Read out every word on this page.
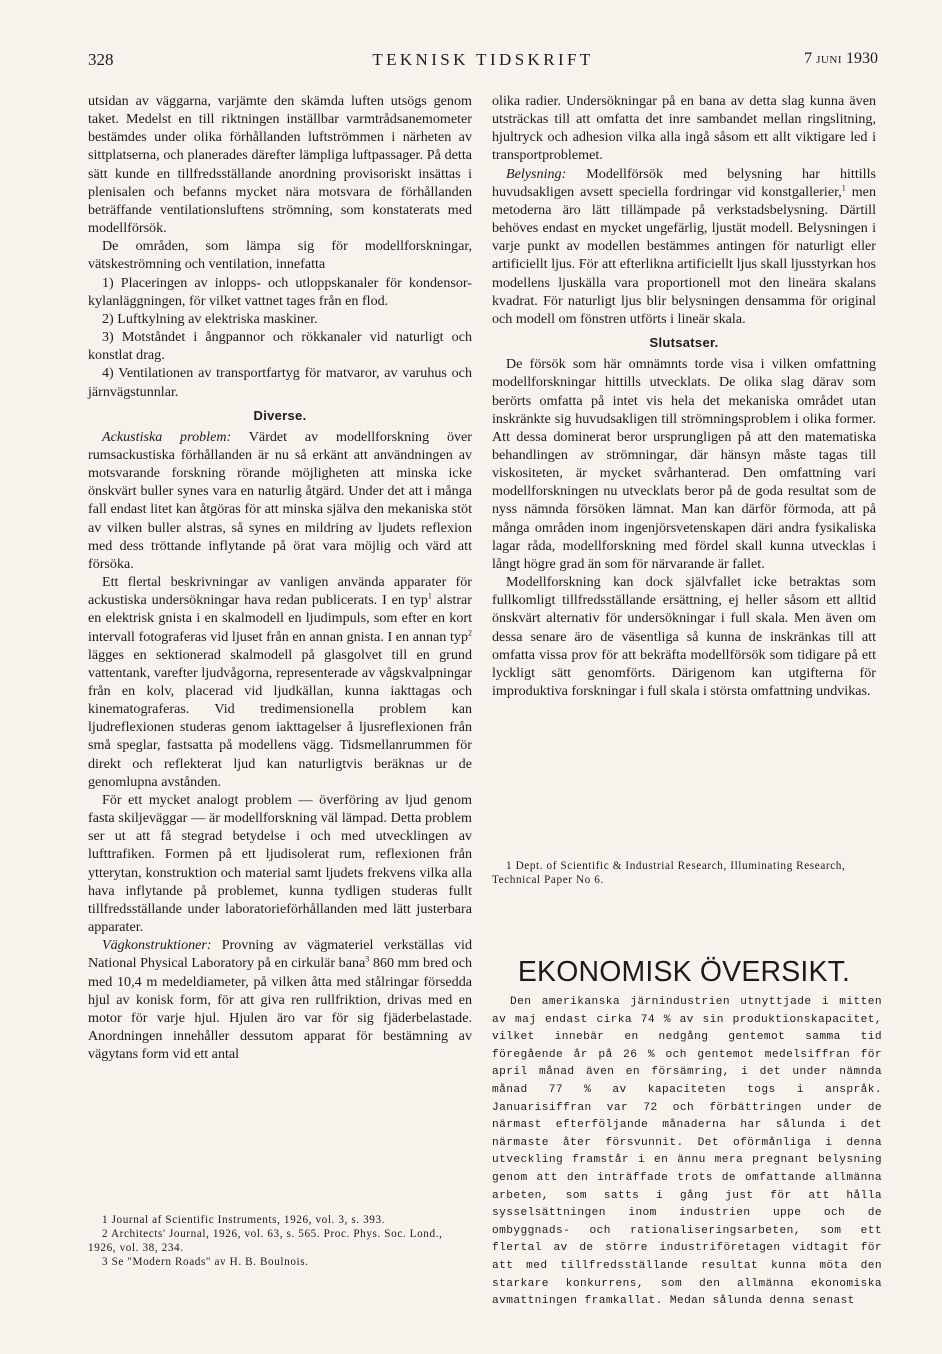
328	TEKNISK TIDSKRIFT	7 JUNI 1930

utsidan av väggarna, varjämte den skämda luften utsögs genom taket. Medelst en till riktningen inställbar varmtrådsanemometer bestämdes under olika förhållanden luftströmmen i närheten av sittplatserna, och planerades därefter lämpliga luftpassager. På detta sätt kunde en tillfredsställande anordning provisoriskt insättas i plenisalen och befanns mycket nära motsvara de förhållanden beträffande ventilationsluftens strömning, som konstaterats med modellförsök.

De områden, som lämpa sig för modellforskningar, vätskeströmning och ventilation, innefatta

1) Placeringen av inlopps- och utloppskanaler för kondensor-kylanläggningen, för vilket vattnet tages från en flod.

2) Luftkylning av elektriska maskiner.

3) Motståndet i ångpannor och rökkanaler vid naturligt och konstlat drag.

4) Ventilationen av transportfartyg för matvaror, av varuhus och järnvägstunnlar.

Diverse.

Ackustiska problem: Värdet av modellforskning över rumsackustiska förhållanden är nu så erkänt att användningen av motsvarande forskning rörande möjligheten att minska icke önskvärt buller synes vara en naturlig åtgärd. Under det att i många fall endast litet kan åtgöras för att minska själva den mekaniska stöt av vilken buller alstras, så synes en mildring av ljudets reflexion med dess tröttande inflytande på örat vara möjlig och värd att försöka.

Ett flertal beskrivningar av vanligen använda apparater för ackustiska undersökningar hava redan publicerats. I en typ$^1$ alstrar en elektrisk gnista i en skalmodell en ljudimpuls, som efter en kort intervall fotograferas vid ljuset från en annan gnista. I en annan typ$^2$ lägges en sektionerad skalmodell på glasgolvet till en grund vattentank, varefter ljudvågorna, representerade av vågskvalpningar från en kolv, placerad vid ljudkällan, kunna iakttagas och kinematograferas. Vid tredimensionella problem kan ljudreflexionen studeras genom iakttagelser å ljusreflexionen från små speglar, fastsatta på modellens vägg. Tidsmellanrummen för direkt och reflekterat ljud kan naturligtvis beräknas ur de genomlupna avstånden.

För ett mycket analogt problem — överföring av ljud genom fasta skiljeväggar — är modellforskning väl lämpad. Detta problem ser ut att få stegrad betydelse i och med utvecklingen av lufttrafiken. Formen på ett ljudisolerat rum, reflexionen från ytterytan, konstruktion och material samt ljudets frekvens vilka alla hava inflytande på problemet, kunna tydligen studeras fullt tillfredsställande under laboratorieförhållanden med lätt justerbara apparater.

Vägkonstruktioner: Provning av vägmateriel verkställas vid National Physical Laboratory på en cirkulär bana$^3$ 860 mm bred och med 10,4 m medeldiameter, på vilken åtta med stålringar försedda hjul av konisk form, för att giva ren rullfriktion, drivas med en motor för varje hjul. Hjulen äro var för sig fjäderbelastade. Anordningen innehåller dessutom apparat för bestämning av vägytans form vid ett antal

1 Journal af Scientific Instruments, 1926, vol. 3, s. 393.

2 Architects' Journal, 1926, vol. 63, s. 565. Proc. Phys. Soc. Lond., 1926, vol. 38, 234.

3 Se "Modern Roads" av H. B. Boulnois.

olika radier. Undersökningar på en bana av detta slag kunna även utsträckas till att omfatta det inre sambandet mellan ringslitning, hjultryck och adhesion vilka alla ingå såsom ett allt viktigare led i transportproblemet.

Belysning: Modellförsök med belysning har hittills huvudsakligen avsett speciella fordringar vid konstgallerier,$^1$ men metoderna äro lätt tillämpade på verkstadsbelysning. Därtill behöves endast en mycket ungefärlig, ljustät modell. Belysningen i varje punkt av modellen bestämmes antingen för naturligt eller artificiellt ljus. För att efterlikna artificiellt ljus skall ljusstyrkan hos modellens ljuskälla vara proportionell mot den lineära skalans kvadrat. För naturligt ljus blir belysningen densamma för original och modell om fönstren utförts i lineär skala.

Slutsatser.

De försök som här omnämnts torde visa i vilken omfattning modellforskningar hittills utvecklats. De olika slag därav som berörts omfatta på intet vis hela det mekaniska området utan inskränkte sig huvudsakligen till strömningsproblem i olika former. Att dessa dominerat beror ursprungligen på att den matematiska behandlingen av strömningar, där hänsyn måste tagas till viskositeten, är mycket svårhanterad. Den omfattning vari modellforskningen nu utvecklats beror på de goda resultat som de nyss nämnda försöken lämnat. Man kan därför förmoda, att på många områden inom ingenjörsvetenskapen däri andra fysikaliska lagar råda, modellforskning med fördel skall kunna utvecklas i långt högre grad än som för närvarande är fallet.

Modellforskning kan dock självfallet icke betraktas som fullkomligt tillfredsställande ersättning, ej heller såsom ett alltid önskvärt alternativ för undersökningar i full skala. Men även om dessa senare äro de väsentliga så kunna de inskränkas till att omfatta vissa prov för att bekräfta modellförsök som tidigare på ett lyckligt sätt genomförts. Därigenom kan utgifterna för improduktiva forskningar i full skala i största omfattning undvikas.

1 Dept. of Scientific & Industrial Research, Illuminating Research, Technical Paper No 6.

EKONOMISK ÖVERSIKT.

Den amerikanska järnindustrien utnyttjade i mitten av maj endast cirka 74 % av sin produktionskapacitet, vilket innebär en nedgång gentemot samma tid föregående år på 26 % och gentemot medelsiffran för april månad även en försämring, i det under nämnda månad 77 % av kapaciteten togs i anspråk. Januarisiffran var 72 och förbättringen under de närmast efterföljande månaderna har sålunda i det närmaste åter försvunnit. Det oförmånliga i denna utveckling framstår i en ännu mera pregnant belysning genom att den inträffade trots de omfattande allmänna arbeten, som satts i gång just för att hålla sysselsättningen inom industrien uppe och de ombyggnads- och rationaliseringsarbeten, som ett flertal av de större industriföretagen vidtagit för att med tillfredsställande resultat kunna möta den starkare konkurrens, som den allmänna ekonomiska avmattningen framkallat. Medan sålunda denna senast
